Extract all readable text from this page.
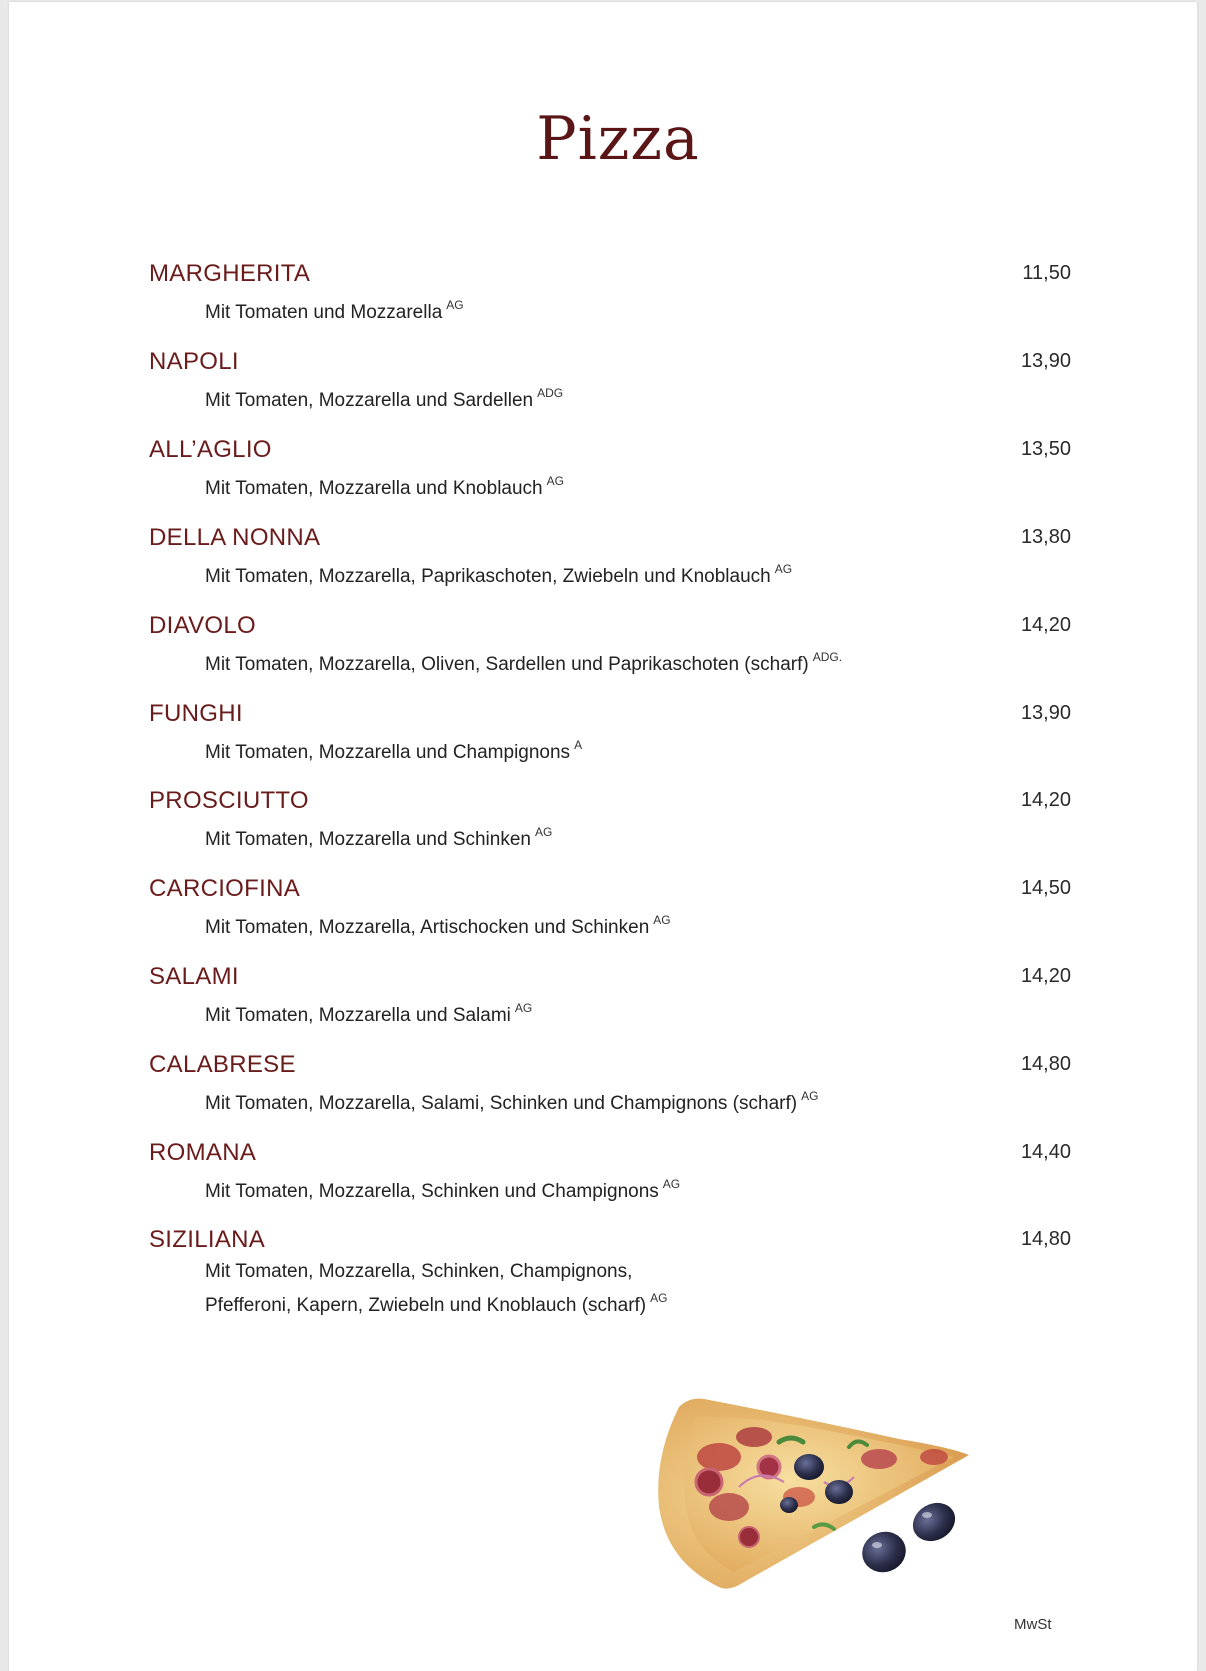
Pizza
MARGHERITA	11,50
Mit Tomaten und Mozzarella $^{AG}$
NAPOLI	13,90
Mit Tomaten, Mozzarella und Sardellen $^{ADG}$
ALL’AGLIO	13,50
Mit Tomaten, Mozzarella und Knoblauch $^{AG}$
DELLA NONNA	13,80
Mit Tomaten, Mozzarella, Paprikaschoten, Zwiebeln und Knoblauch $^{AG}$
DIAVOLO	14,20
Mit Tomaten, Mozzarella, Oliven, Sardellen und Paprikaschoten (scharf) $^{ADG.}$
FUNGHI	13,90
Mit Tomaten, Mozzarella und Champignons $^A$
PROSCIUTTO	14,20
Mit Tomaten, Mozzarella und Schinken $^{AG}$
CARCIOFINA	14,50
Mit Tomaten, Mozzarella, Artischocken und Schinken $^{AG}$
SALAMI	14,20
Mit Tomaten, Mozzarella und Salami $^{AG}$
CALABRESE	14,80
Mit Tomaten, Mozzarella, Salami, Schinken und Champignons (scharf) $^{AG}$
ROMANA	14,40
Mit Tomaten, Mozzarella, Schinken und Champignons $^{AG}$
SIZILIANA	14,80
Mit Tomaten, Mozzarella, Schinken, Champignons,
Pfefferoni, Kapern, Zwiebeln und Knoblauch (scharf) $^{AG}$
MwSt
